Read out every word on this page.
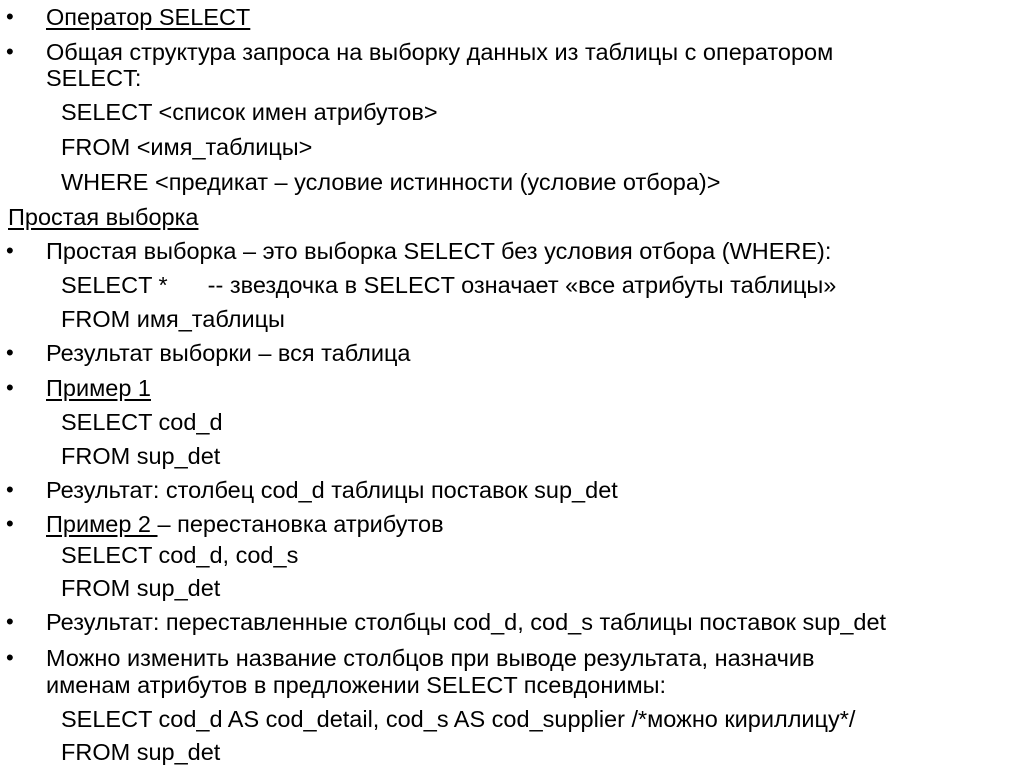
• Оператор SELECT
• Общая структура запроса на выборку данных из таблицы с оператором
SELECT:
SELECT <список имен атрибутов>
FROM <имя_таблицы>
WHERE <предикат – условие истинности (условие отбора)>
Простая выборка
• Простая выборка – это выборка SELECT без условия отбора (WHERE):
SELECT * -- звездочка в SELECT означает «все атрибуты таблицы»
FROM имя_таблицы
• Результат выборки – вся таблица
• Пример 1
SELECT cod_d
FROM sup_det
• Результат: столбец cod_d таблицы поставок sup_det
• Пример 2 – перестановка атрибутов
SELECT cod_d, cod_s
FROM sup_det
• Результат: переставленные столбцы cod_d, cod_s таблицы поставок sup_det
• Можно изменить название столбцов при выводе результата, назначив
именам атрибутов в предложении SELECT псевдонимы:
SELECT cod_d AS cod_detail, cod_s AS cod_supplier /*можно кириллицу*/
FROM sup_det
